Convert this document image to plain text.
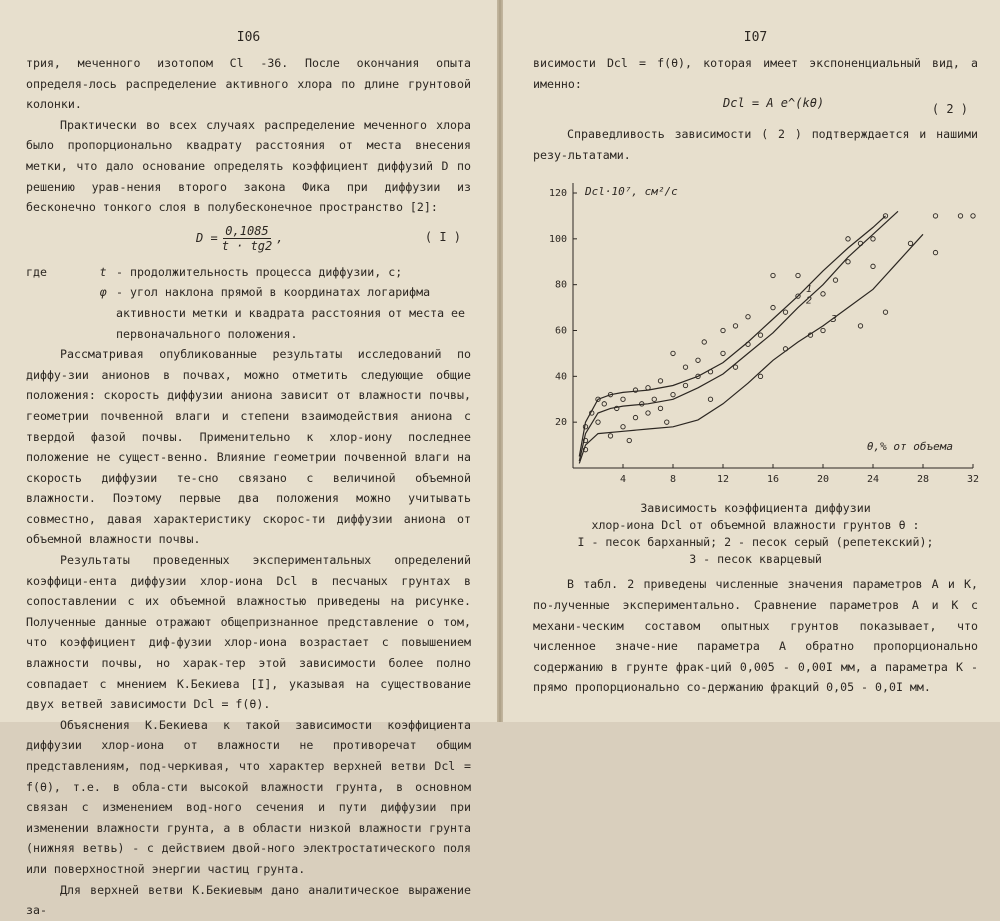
I06

трия, меченного изотопом Cl -36. После окончания опыта определя-лось распределение активного хлора по длине грунтовой колонки.

Практически во всех случаях распределение меченного хлора было пропорционально квадрату расстояния от места внесения метки, что дало основание определять коэффициент диффузий D по решению урав-нения второго закона Фика при диффузии из бесконечно тонкого слоя в полубесконечное пространство [2]:

$D = \frac{0,1085}{t \cdot tg2}$ ,	( I )
где	t - продолжительность процесса диффузии, с;
φ - угол наклона прямой в координатах логарифма активности метки и квадрата расстояния от места ее первоначального положения.

Рассматривая опубликованные результаты исследований по диффу-зии анионов в почвах, можно отметить следующие общие положения: скорость диффузии аниона зависит от влажности почвы, геометрии почвенной влаги и степени взаимодействия аниона с твердой фазой почвы. Применительно к хлор-иону последнее положение не сущест-венно. Влияние геометрии почвенной влаги на скорость диффузии те-сно связано с величиной объемной влажности. Поэтому первые два положения можно учитывать совместно, давая характеристику скорос-ти диффузии аниона от объемной влажности почвы.

Результаты проведенных экспериментальных определений коэффици-ента диффузии хлор-иона Dcl в песчаных грунтах в сопоставлении с их объемной влажностью приведены на рисунке. Полученные данные отражают общепризнанное представление о том, что коэффициент диф-фузии хлор-иона возрастает с повышением влажности почвы, но харак-тер этой зависимости более полно совпадает с мнением К.Бекиева [I], указывая на существование двух ветвей зависимости Dcl = f(θ).

Объяснения К.Бекиева к такой зависимости коэффициента диффузии хлор-иона от влажности не противоречат общим представлениям, под-черкивая, что характер верхней ветви Dcl = f(θ), т.е. в обла-сти высокой влажности грунта, в основном связан с изменением вод-ного сечения и пути диффузии при изменении влажности грунта, а в области низкой влажности грунта (нижняя ветвь) - с действием двой-ного электростатического поля или поверхностной энергии частиц грунта.

Для верхней ветви К.Бекиевым дано аналитическое выражение за-

I07

висимости Dcl = f(θ), которая имеет экспоненциальный вид, а именно:

Dcl = A e^(kθ)	( 2 )

Справедливость зависимости ( 2 ) подтверждается и нашими резу-льтатами.

4	8	12	16	20	24	28	32
20
40
60
80
100
120 Dcl·10⁷, см²/с
θ,% от объема
1
2
3
Зависимость коэффициента диффузии
хлор-иона Dcl от объемной влажности грунтов θ :
I - песок барханный; 2 - песок серый (репетекский);
3 - песок кварцевый

В табл. 2 приведены численные значения параметров A и K, по-лученные экспериментально. Сравнение параметров A и K с механи-ческим составом опытных грунтов показывает, что численное значе-ние параметра A обратно пропорционально содержанию в грунте фрак-ций 0,005 - 0,00I мм, а параметра K - прямо пропорционально со-держанию фракций 0,05 - 0,0I мм.
